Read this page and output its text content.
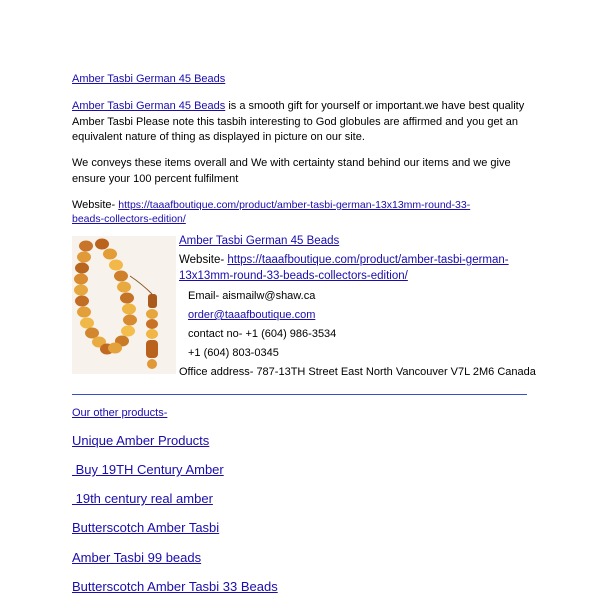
Amber Tasbi German 45 Beads
Amber Tasbi German 45 Beads is a smooth gift for yourself or important.we have best quality Amber Tasbi Please note this tasbih interesting to God globules are affirmed and you get an equivalent nature of thing as displayed in picture on our site.
We conveys these items overall and We with certainty stand behind our items and we give ensure your 100 percent fulfilment
Website- https://taaafboutique.com/product/amber-tasbi-german-13x13mm-round-33-beads-collectors-edition/
Amber Tasbi German 45 Beads
Website- https://taaafboutique.com/product/amber-tasbi-german-13x13mm-round-33-beads-collectors-edition/
Email- aismailw@shaw.ca
order@taaafboutique.com
contact no- +1 (604) 986-3534
+1 (604) 803-0345
Office address- 787-13TH Street East North Vancouver V7L 2M6 Canada
Our other products-
Unique Amber Products
Buy 19TH Century Amber
19th century real amber
Butterscotch Amber Tasbi
Amber Tasbi 99 beads
Butterscotch Amber Tasbi 33 Beads
